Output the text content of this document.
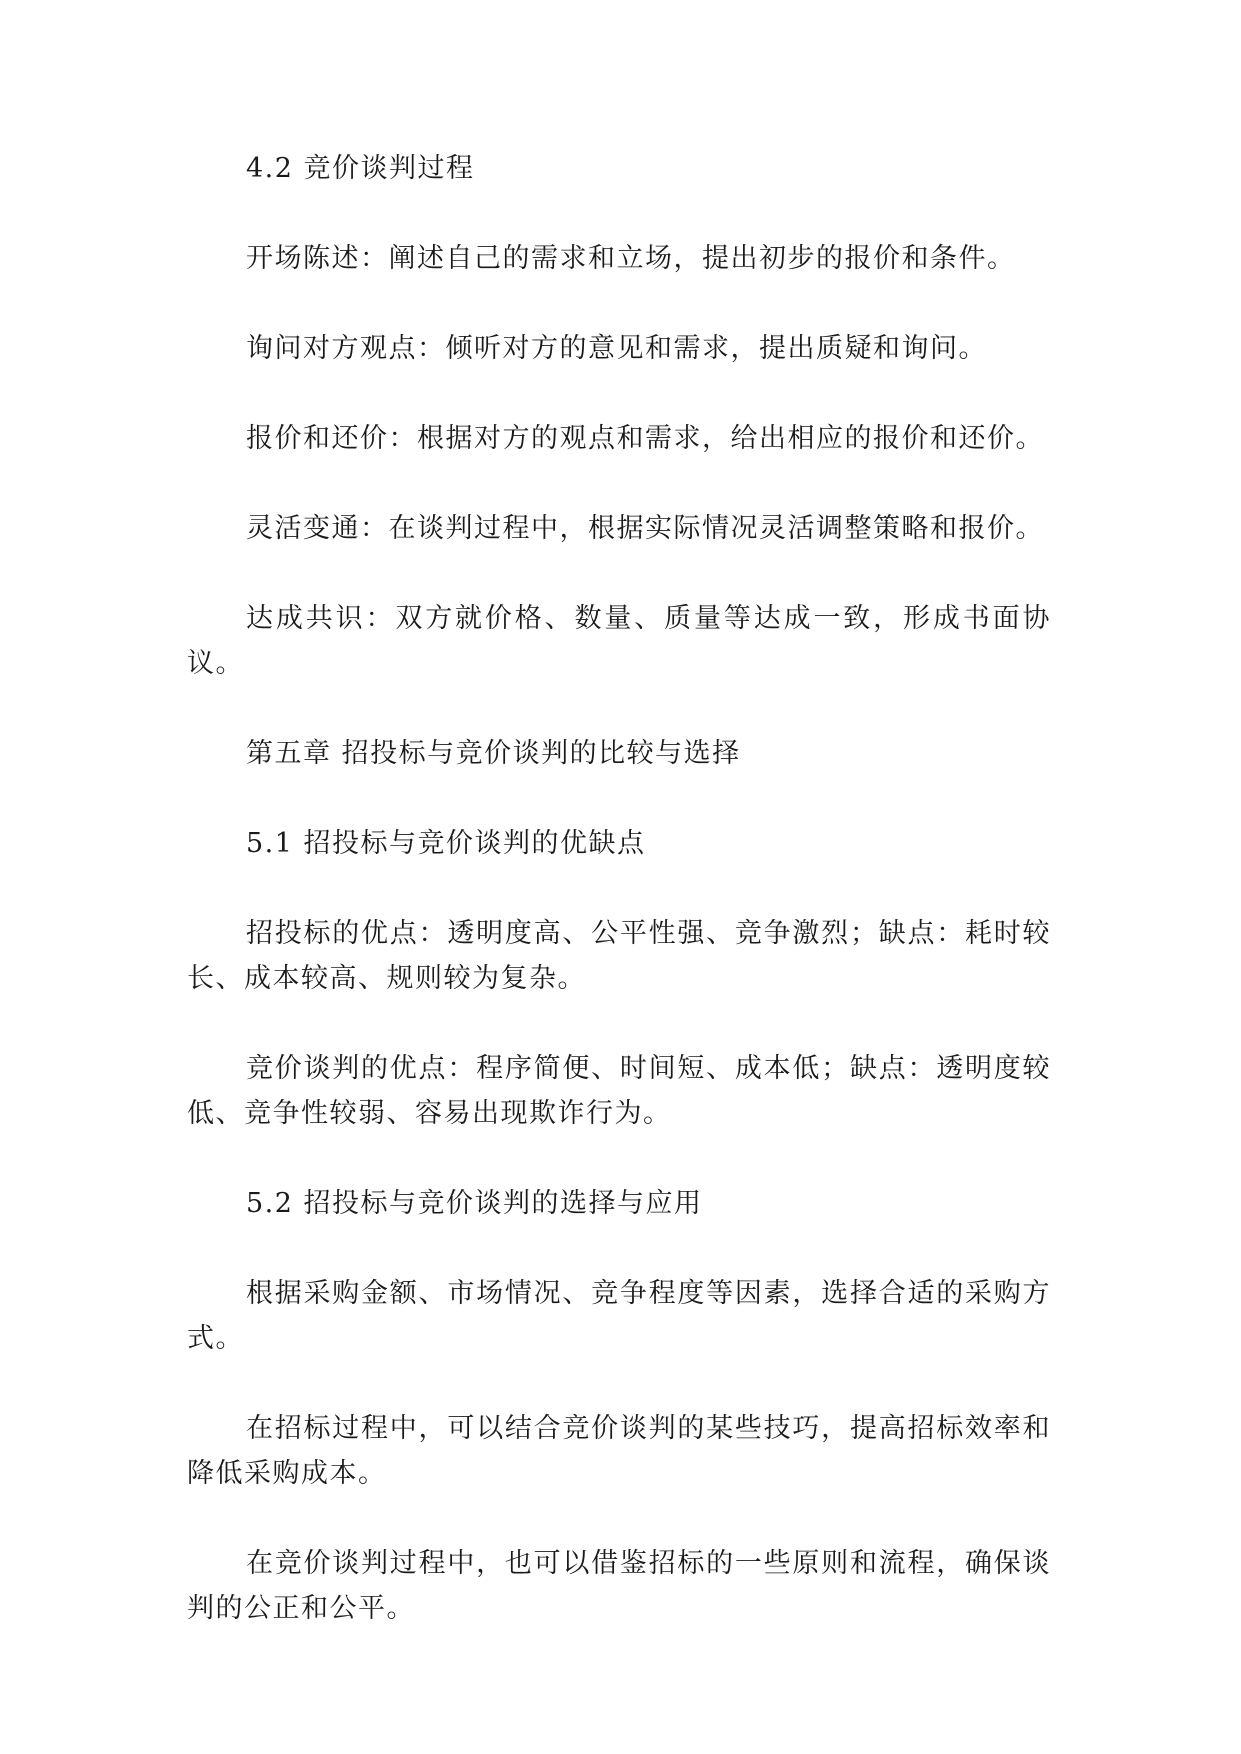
4.2 竞价谈判过程

开场陈述：阐述自己的需求和立场，提出初步的报价和条件。

询问对方观点：倾听对方的意见和需求，提出质疑和询问。

报价和还价：根据对方的观点和需求，给出相应的报价和还价。

灵活变通：在谈判过程中，根据实际情况灵活调整策略和报价。

达成共识：双方就价格、数量、质量等达成一致，形成书面协议。

第五章 招投标与竞价谈判的比较与选择

5.1 招投标与竞价谈判的优缺点

招投标的优点：透明度高、公平性强、竞争激烈；缺点：耗时较长、成本较高、规则较为复杂。

竞价谈判的优点：程序简便、时间短、成本低；缺点：透明度较低、竞争性较弱、容易出现欺诈行为。

5.2 招投标与竞价谈判的选择与应用

根据采购金额、市场情况、竞争程度等因素，选择合适的采购方式。

在招标过程中，可以结合竞价谈判的某些技巧，提高招标效率和降低采购成本。

在竞价谈判过程中，也可以借鉴招标的一些原则和流程，确保谈判的公正和公平。
